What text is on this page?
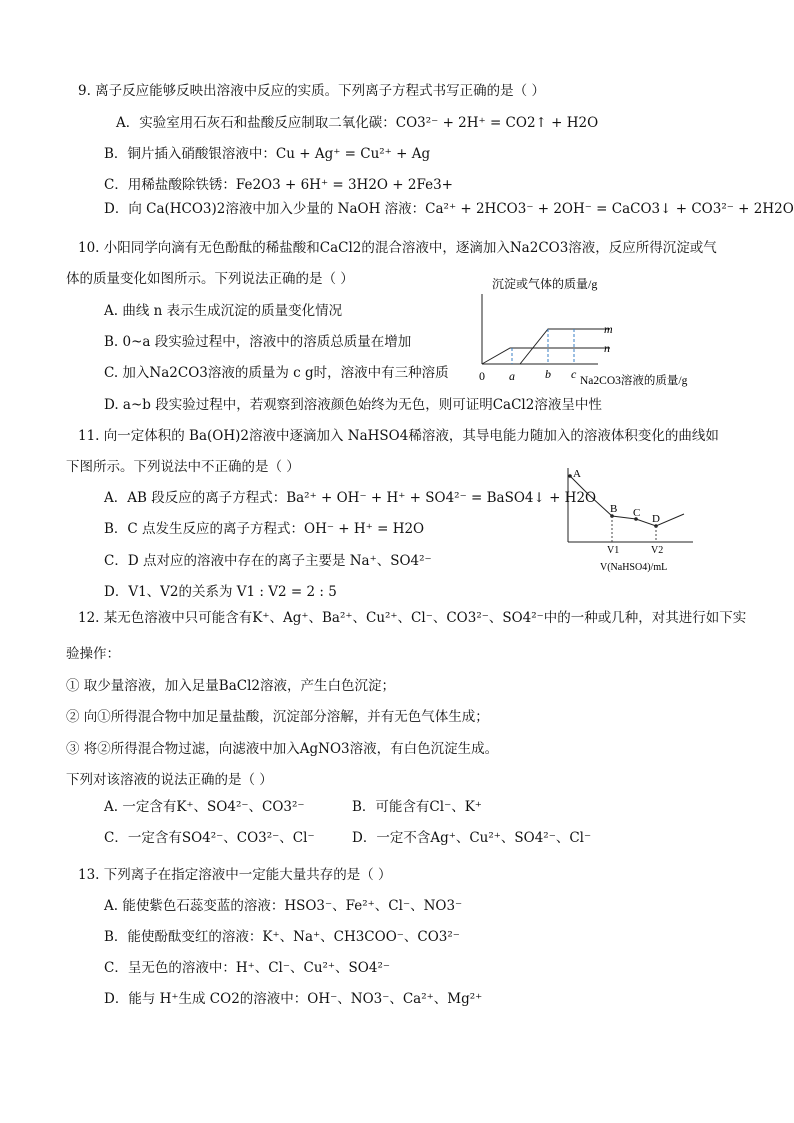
9. 离子反应能够反映出溶液中反应的实质。下列离子方程式书写正确的是（ ）
A．实验室用石灰石和盐酸反应制取二氧化碳：CO3²⁻ + 2H⁺ = CO2↑ + H2O
B．铜片插入硝酸银溶液中：Cu + Ag⁺ = Cu²⁺ + Ag
C．用稀盐酸除铁锈：Fe2O3 + 6H⁺ = 3H2O + 2Fe3+
D．向 Ca(HCO3)2溶液中加入少量的 NaOH 溶液：Ca²⁺ + 2HCO3⁻ + 2OH⁻ = CaCO3↓ + CO3²⁻ + 2H2O
10. 小阳同学向滴有无色酚酞的稀盐酸和CaCl2的混合溶液中，逐滴加入Na2CO3溶液，反应所得沉淀或气
体的质量变化如图所示。下列说法正确的是（ ）
A. 曲线 n 表示生成沉淀的质量变化情况
B. 0~a 段实验过程中，溶液中的溶质总质量在增加
C. 加入Na2CO3溶液的质量为 c g时，溶液中有三种溶质
D. a~b 段实验过程中，若观察到溶液颜色始终为无色，则可证明CaCl2溶液呈中性
沉淀或气体的质量/g
m
n
0 a	b c Na2CO3溶液的质量/g
11. 向一定体积的 Ba(OH)2溶液中逐滴加入 NaHSO4稀溶液，其导电能力随加入的溶液体积变化的曲线如
下图所示。下列说法中不正确的是（ ）
A．AB 段反应的离子方程式：Ba²⁺ + OH⁻ + H⁺ + SO4²⁻ = BaSO4↓ + H2O
B．C 点发生反应的离子方程式：OH⁻ + H⁺ = H2O
C．D 点对应的溶液中存在的离子主要是 Na⁺、SO4²⁻
D．V1、V2的关系为 V1 : V2 = 2 : 5
A
B C D
V1	V2
V(NaHSO4)/mL
12. 某无色溶液中只可能含有K⁺、Ag⁺、Ba²⁺、Cu²⁺、Cl⁻、CO3²⁻、SO4²⁻中的一种或几种，对其进行如下实
验操作：
① 取少量溶液，加入足量BaCl2溶液，产生白色沉淀；
② 向①所得混合物中加足量盐酸，沉淀部分溶解，并有无色气体生成；
③ 将②所得混合物过滤，向滤液中加入AgNO3溶液，有白色沉淀生成。
下列对该溶液的说法正确的是（ ）
A. 一定含有K⁺、SO4²⁻、CO3²⁻	B．可能含有Cl⁻、K⁺
C．一定含有SO4²⁻、CO3²⁻、Cl⁻	D．一定不含Ag⁺、Cu²⁺、SO4²⁻、Cl⁻
13. 下列离子在指定溶液中一定能大量共存的是（ ）
A. 能使紫色石蕊变蓝的溶液：HSO3⁻、Fe²⁺、Cl⁻、NO3⁻
B．能使酚酞变红的溶液：K⁺、Na⁺、CH3COO⁻、CO3²⁻
C．呈无色的溶液中：H⁺、Cl⁻、Cu²⁺、SO4²⁻
D．能与 H⁺生成 CO2的溶液中：OH⁻、NO3⁻、Ca²⁺、Mg²⁺
